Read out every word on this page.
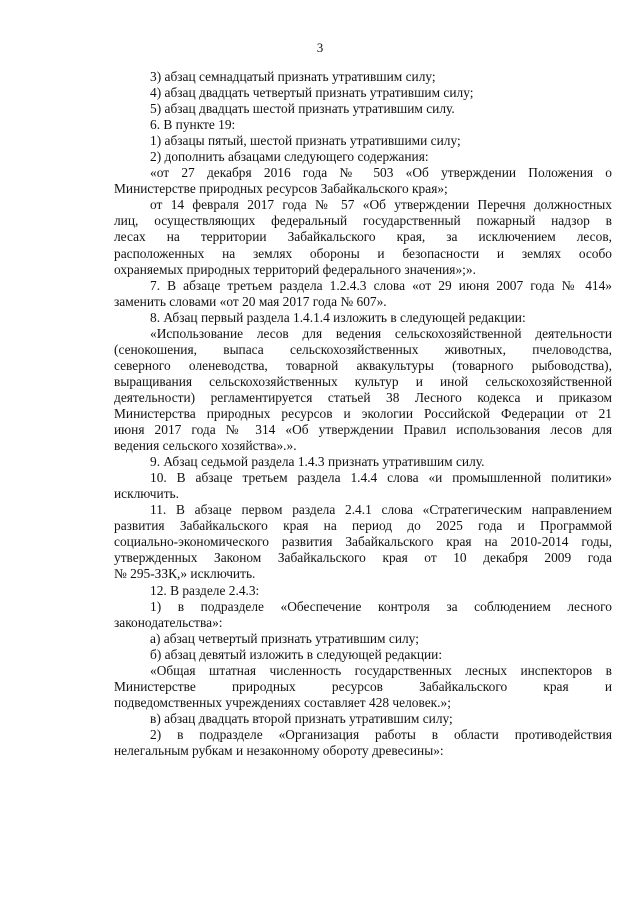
3

3) абзац семнадцатый признать утратившим силу;

4) абзац двадцать четвертый признать утратившим силу;

5) абзац двадцать шестой признать утратившим силу.

6. В пункте 19:

1) абзацы пятый, шестой признать утратившими силу;

2) дополнить абзацами следующего содержания:

«от 27 декабря 2016 года № 503 «Об утверждении Положения о

Министерстве природных ресурсов Забайкальского края»;

от 14 февраля 2017 года № 57 «Об утверждении Перечня должностных

лиц, осуществляющих федеральный государственный пожарный надзор в

лесах на территории Забайкальского края, за исключением лесов,

расположенных на землях обороны и безопасности и землях особо

охраняемых природных территорий федерального значения»;».

7. В абзаце третьем раздела 1.2.4.3 слова «от 29 июня 2007 года № 414»

заменить словами «от 20 мая 2017 года № 607».

8. Абзац первый раздела 1.4.1.4 изложить в следующей редакции:

«Использование лесов для ведения сельскохозяйственной деятельности

(сенокошения, выпаса сельскохозяйственных животных, пчеловодства,

северного оленеводства, товарной аквакультуры (товарного рыбоводства),

выращивания сельскохозяйственных культур и иной сельскохозяйственной

деятельности) регламентируется статьей 38 Лесного кодекса и приказом

Министерства природных ресурсов и экологии Российской Федерации от 21

июня 2017 года № 314 «Об утверждении Правил использования лесов для

ведения сельского хозяйства».».

9. Абзац седьмой раздела 1.4.3 признать утратившим силу.

10. В абзаце третьем раздела 1.4.4 слова «и промышленной политики»

исключить.

11. В абзаце первом раздела 2.4.1 слова «Стратегическим направлением

развития Забайкальского края на период до 2025 года и Программой

социально-экономического развития Забайкальского края на 2010-2014 годы,

утвержденных Законом Забайкальского края от 10 декабря 2009 года

№ 295-ЗЗК,» исключить.

12. В разделе 2.4.3:

1) в подразделе «Обеспечение контроля за соблюдением лесного

законодательства»:

а) абзац четвертый признать утратившим силу;

б) абзац девятый изложить в следующей редакции:

«Общая штатная численность государственных лесных инспекторов в

Министерстве природных ресурсов Забайкальского края и

подведомственных учреждениях составляет 428 человек.»;

в) абзац двадцать второй признать утратившим силу;

2) в подразделе «Организация работы в области противодействия

нелегальным рубкам и незаконному обороту древесины»:
